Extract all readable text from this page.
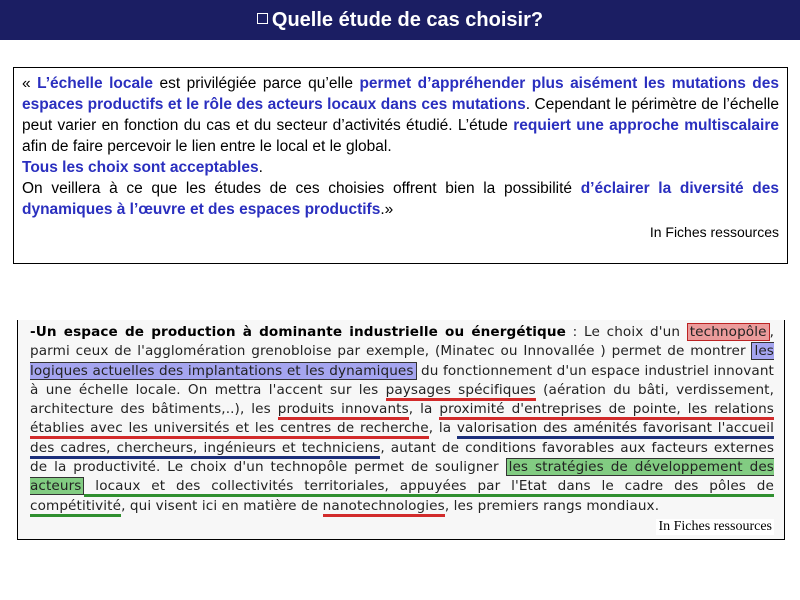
Quelle étude de cas choisir?

« L’échelle locale est privilégiée parce qu’elle permet d’appréhender plus aisément les mutations des espaces productifs et le rôle des acteurs locaux dans ces mutations. Cependant le périmètre de l’échelle peut varier en fonction du cas et du secteur d’activités étudié. L’étude requiert une approche multiscalaire afin de faire percevoir le lien entre le local et le global.

Tous les choix sont acceptables.

On veillera à ce que les études de ces choisies offrent bien la possibilité d’éclairer la diversité des dynamiques à l’œuvre et des espaces productifs.»

In Fiches ressources
-Un espace de production à dominante industrielle ou énergétique : Le choix d'un technopôle , parmi ceux de l'agglomération grenobloise par exemple, (Minatec ou Innovallée ) permet de montrer les logiques actuelles des implantations et les dynamiques du fonctionnement d'un espace industriel innovant à une échelle locale. On mettra l'accent sur les paysages spécifiques (aération du bâti, verdissement, architecture des bâtiments,..), les produits innovants, la proximité d'entreprises de pointe, les relations établies avec les universités et les centres de recherche, la valorisation des aménités favorisant l'accueil des cadres, chercheurs, ingénieurs et techniciens, autant de conditions favorables aux facteurs externes de la productivité. Le choix d'un technopôle permet de souligner les stratégies de développement des acteurs locaux et des collectivités territoriales, appuyées par l'Etat dans le cadre des pôles de compétitivité, qui visent ici en matière de nanotechnologies, les premiers rangs mondiaux.
In Fiches ressources
